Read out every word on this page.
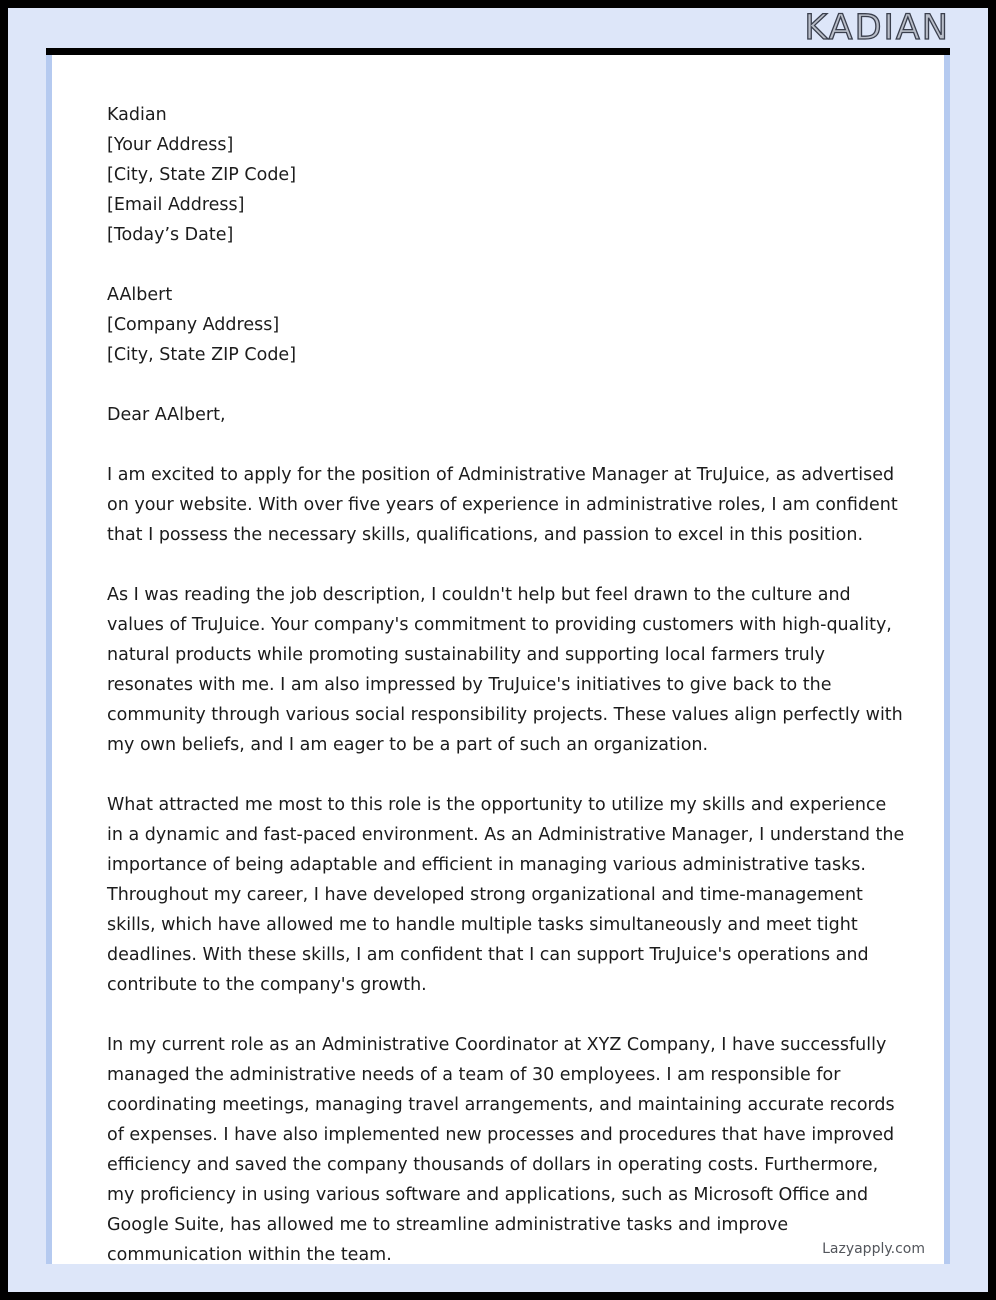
KADIAN
Kadian
[Your Address]
[City, State ZIP Code]
[Email Address]
[Today’s Date]
AAlbert
[Company Address]
[City, State ZIP Code]
Dear AAlbert,

I am excited to apply for the position of Administrative Manager at TruJuice, as advertised on your website. With over five years of experience in administrative roles, I am confident that I possess the necessary skills, qualifications, and passion to excel in this position.

As I was reading the job description, I couldn't help but feel drawn to the culture and values of TruJuice. Your company's commitment to providing customers with high-quality, natural products while promoting sustainability and supporting local farmers truly resonates with me. I am also impressed by TruJuice's initiatives to give back to the community through various social responsibility projects. These values align perfectly with my own beliefs, and I am eager to be a part of such an organization.

What attracted me most to this role is the opportunity to utilize my skills and experience in a dynamic and fast-paced environment. As an Administrative Manager, I understand the importance of being adaptable and efficient in managing various administrative tasks. Throughout my career, I have developed strong organizational and time-management skills, which have allowed me to handle multiple tasks simultaneously and meet tight deadlines. With these skills, I am confident that I can support TruJuice's operations and contribute to the company's growth.

In my current role as an Administrative Coordinator at XYZ Company, I have successfully managed the administrative needs of a team of 30 employees. I am responsible for coordinating meetings, managing travel arrangements, and maintaining accurate records of expenses. I have also implemented new processes and procedures that have improved efficiency and saved the company thousands of dollars in operating costs. Furthermore, my proficiency in using various software and applications, such as Microsoft Office and Google Suite, has allowed me to streamline administrative tasks and improve communication within the team.	Lazyapply.com
